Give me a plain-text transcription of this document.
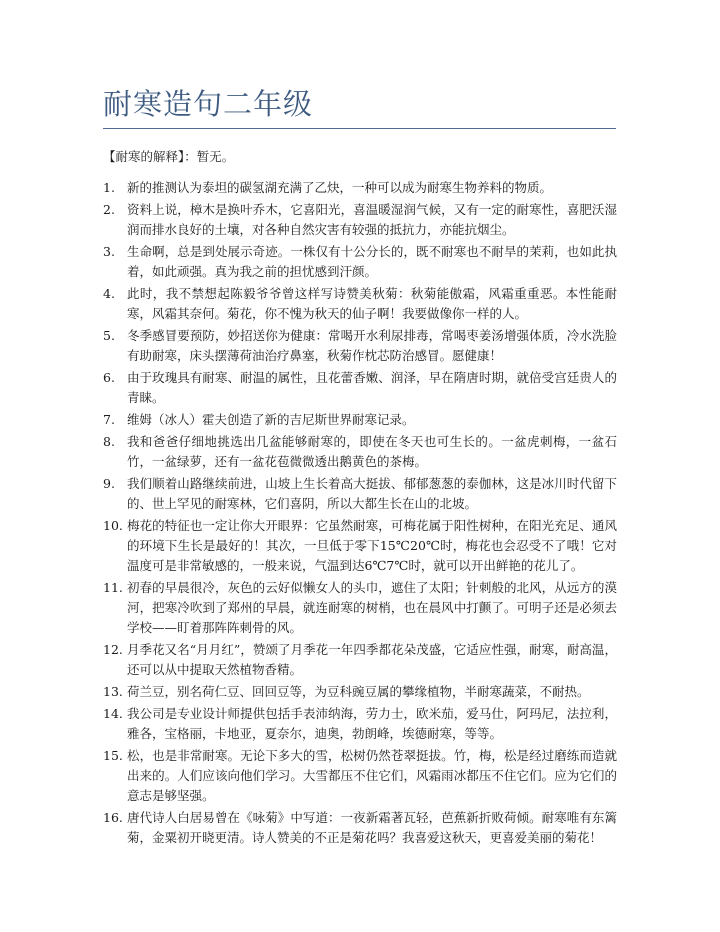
耐寒造句二年级
【耐寒的解释】：暂无。
1. 新的推测认为泰坦的碳氢湖充满了乙炔，一种可以成为耐寒生物养料的物质。
2. 资料上说，樟木是换叶乔木，它喜阳光，喜温暖湿润气候，又有一定的耐寒性，喜肥沃湿润而排水良好的土壤，对各种自然灾害有较强的抵抗力，亦能抗烟尘。
3. 生命啊，总是到处展示奇迹。一株仅有十公分长的，既不耐寒也不耐旱的茉莉，也如此执着，如此顽强。真为我之前的担忧感到汗颜。
4. 此时，我不禁想起陈毅爷爷曾这样写诗赞美秋菊：秋菊能傲霜，风霜重重恶。本性能耐寒，风霜其奈何。菊花，你不愧为秋天的仙子啊！我要做像你一样的人。
5. 冬季感冒要预防，妙招送你为健康：常喝开水利尿排毒，常喝枣姜汤增强体质，冷水洗脸有助耐寒，床头摆薄荷油治疗鼻塞，秋菊作枕芯防治感冒。愿健康！
6. 由于玫瑰具有耐寒、耐温的属性，且花蕾香嫩、润泽，早在隋唐时期，就倍受宫廷贵人的青睐。
7. 维姆（冰人）霍夫创造了新的吉尼斯世界耐寒记录。
8. 我和爸爸仔细地挑选出几盆能够耐寒的，即使在冬天也可生长的。一盆虎刺梅，一盆石竹，一盆绿萝，还有一盆花苞微微透出鹅黄色的茶梅。
9. 我们顺着山路继续前进，山坡上生长着高大挺拔、郁郁葱葱的泰伽林，这是冰川时代留下的、世上罕见的耐寒林，它们喜阴，所以大都生长在山的北坡。
10. 梅花的特征也一定让你大开眼界：它虽然耐寒，可梅花属于阳性树种，在阳光充足、通风的环境下生长是最好的！其次，一旦低于零下15℃20℃时，梅花也会忍受不了哦！它对温度可是非常敏感的，一般来说，气温到达6℃7℃时，就可以开出鲜艳的花儿了。
11. 初春的早晨很冷，灰色的云好似懒女人的头巾，遮住了太阳；针刺般的北风，从远方的漠河，把寒冷吹到了郑州的早晨，就连耐寒的树梢，也在晨风中打颤了。可明子还是必须去学校——盯着那阵阵刺骨的风。
12. 月季花又名“月月红”，赞颂了月季花一年四季都花朵茂盛，它适应性强，耐寒，耐高温，还可以从中提取天然植物香精。
13. 荷兰豆，别名荷仁豆、回回豆等，为豆科豌豆属的攀缘植物，半耐寒蔬菜，不耐热。
14. 我公司是专业设计师提供包括手表沛纳海，劳力士，欧米茄，爱马仕，阿玛尼，法拉利，雅各，宝格丽，卡地亚，夏奈尔，迪奥，勃朗峰，埃德耐寒，等等。
15. 松，也是非常耐寒。无论下多大的雪，松树仍然苍翠挺拔。竹，梅，松是经过磨练而造就出来的。人们应该向他们学习。大雪都压不住它们，风霜雨冰都压不住它们。应为它们的意志是够坚强。
16. 唐代诗人白居易曾在《咏菊》中写道：一夜新霜著瓦轻，芭蕉新折败荷倾。耐寒唯有东篱菊，金粟初开晓更清。诗人赞美的不正是菊花吗？我喜爱这秋天，更喜爱美丽的菊花！
